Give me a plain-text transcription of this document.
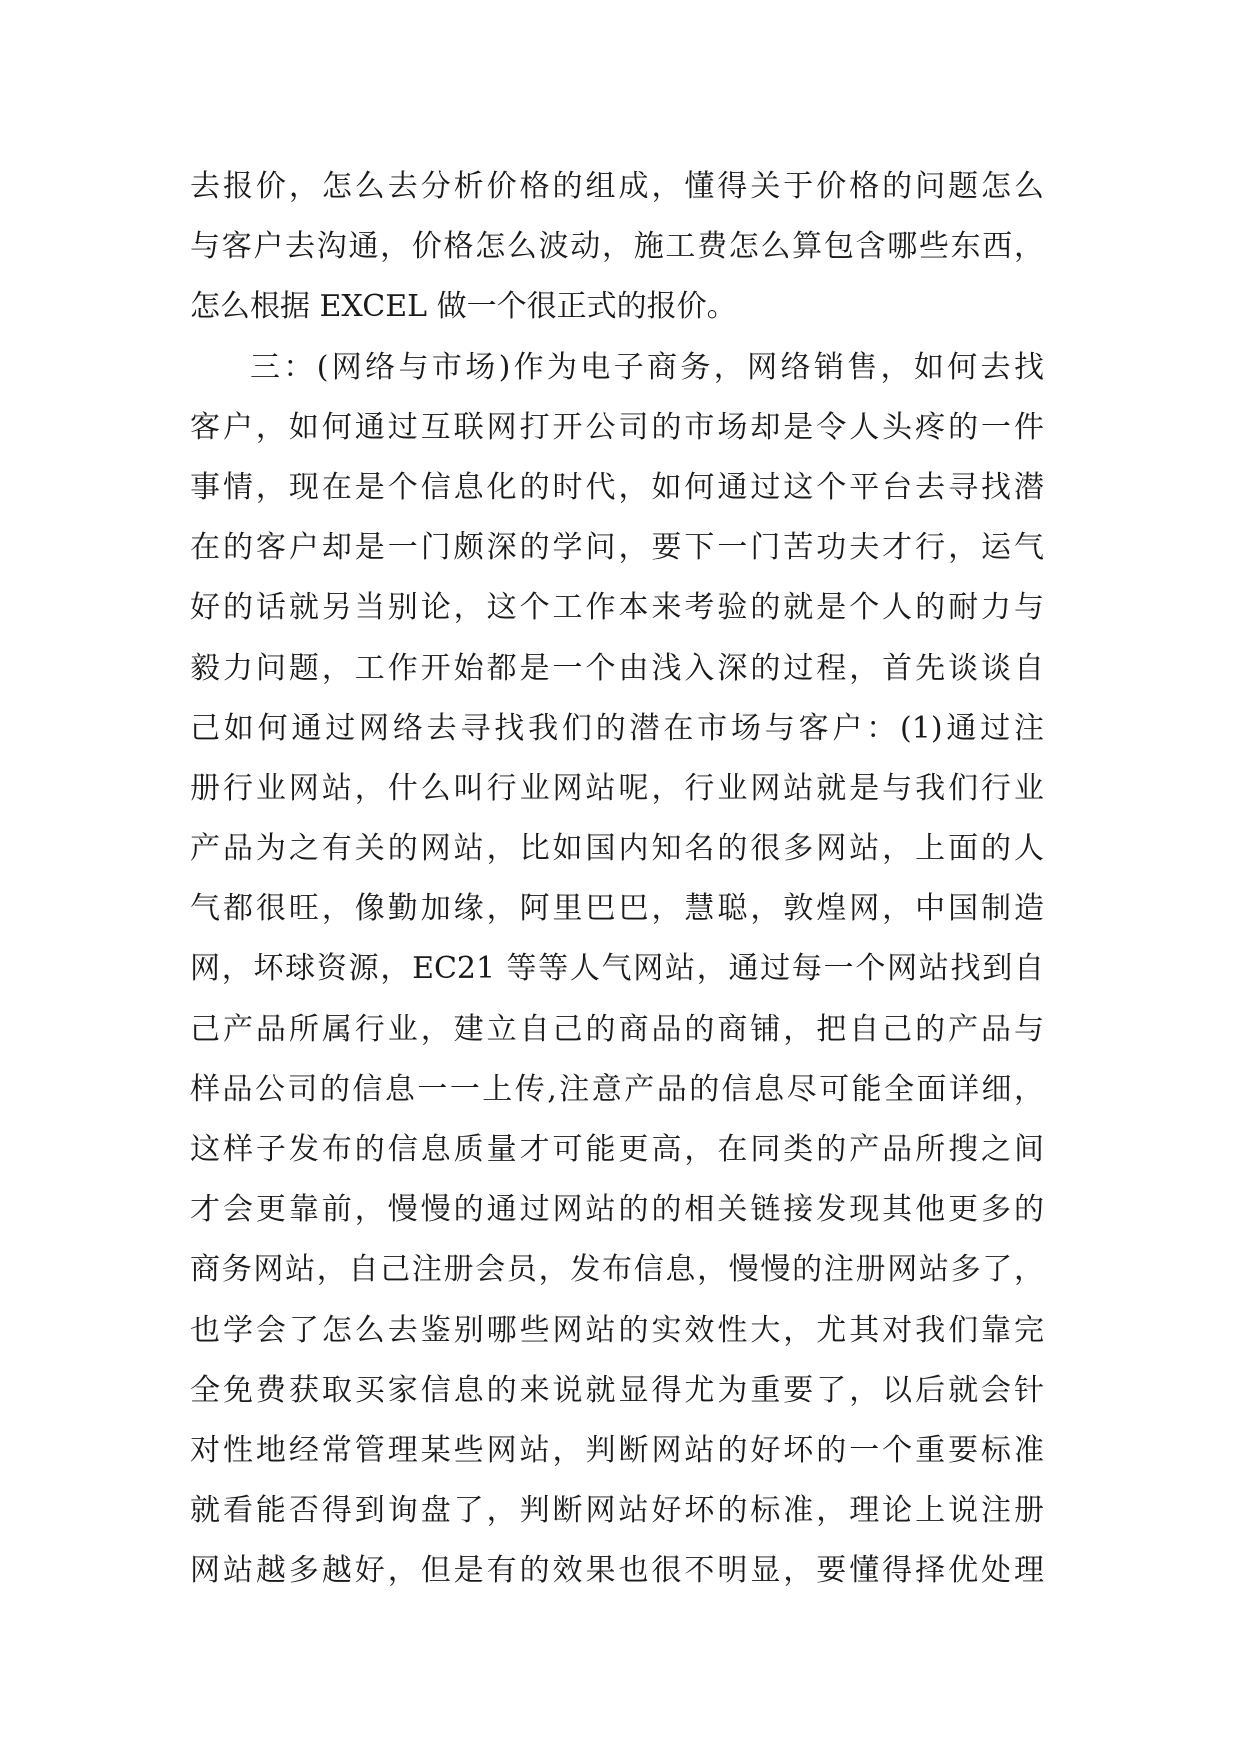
去报价，怎么去分析价格的组成，懂得关于价格的问题怎么
与客户去沟通，价格怎么波动，施工费怎么算包含哪些东西，
怎么根据 EXCEL 做一个很正式的报价。
三：(网络与市场)作为电子商务，网络销售，如何去找
客户，如何通过互联网打开公司的市场却是令人头疼的一件
事情，现在是个信息化的时代，如何通过这个平台去寻找潜
在的客户却是一门颇深的学问，要下一门苦功夫才行，运气
好的话就另当别论，这个工作本来考验的就是个人的耐力与
毅力问题，工作开始都是一个由浅入深的过程，首先谈谈自
己如何通过网络去寻找我们的潜在市场与客户：(1)通过注
册行业网站，什么叫行业网站呢，行业网站就是与我们行业
产品为之有关的网站，比如国内知名的很多网站，上面的人
气都很旺，像勤加缘，阿里巴巴，慧聪，敦煌网，中国制造
网，坏球资源，EC21 等等人气网站，通过每一个网站找到自
己产品所属行业，建立自己的商品的商铺，把自己的产品与
样品公司的信息一一上传,注意产品的信息尽可能全面详细，
这样子发布的信息质量才可能更高，在同类的产品所搜之间
才会更靠前，慢慢的通过网站的的相关链接发现其他更多的
商务网站，自己注册会员，发布信息，慢慢的注册网站多了，
也学会了怎么去鉴别哪些网站的实效性大，尤其对我们靠完
全免费获取买家信息的来说就显得尤为重要了，以后就会针
对性地经常管理某些网站，判断网站的好坏的一个重要标准
就看能否得到询盘了，判断网站好坏的标准，理论上说注册
网站越多越好，但是有的效果也很不明显，要懂得择优处理
